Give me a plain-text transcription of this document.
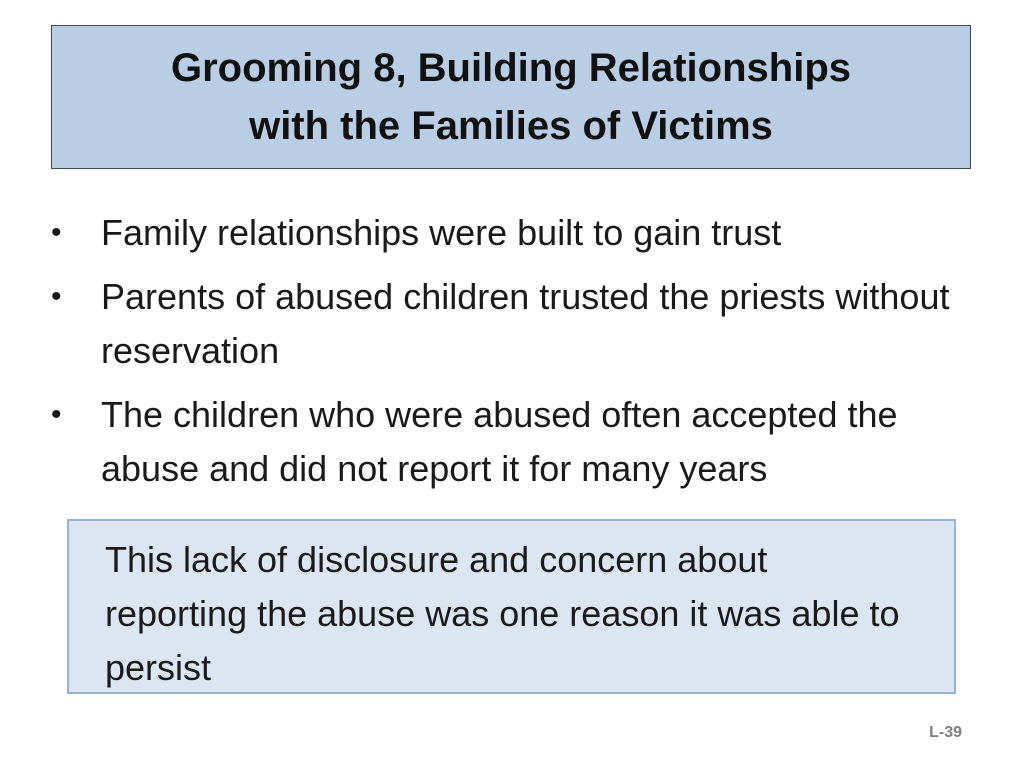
Grooming 8, Building Relationships with the Families of Victims
• Family relationships were built to gain trust
• Parents of abused children trusted the priests without reservation
• The children who were abused often accepted the abuse and did not report it for many years
This lack of disclosure and concern about reporting the abuse was one reason it was able to persist
L-39
